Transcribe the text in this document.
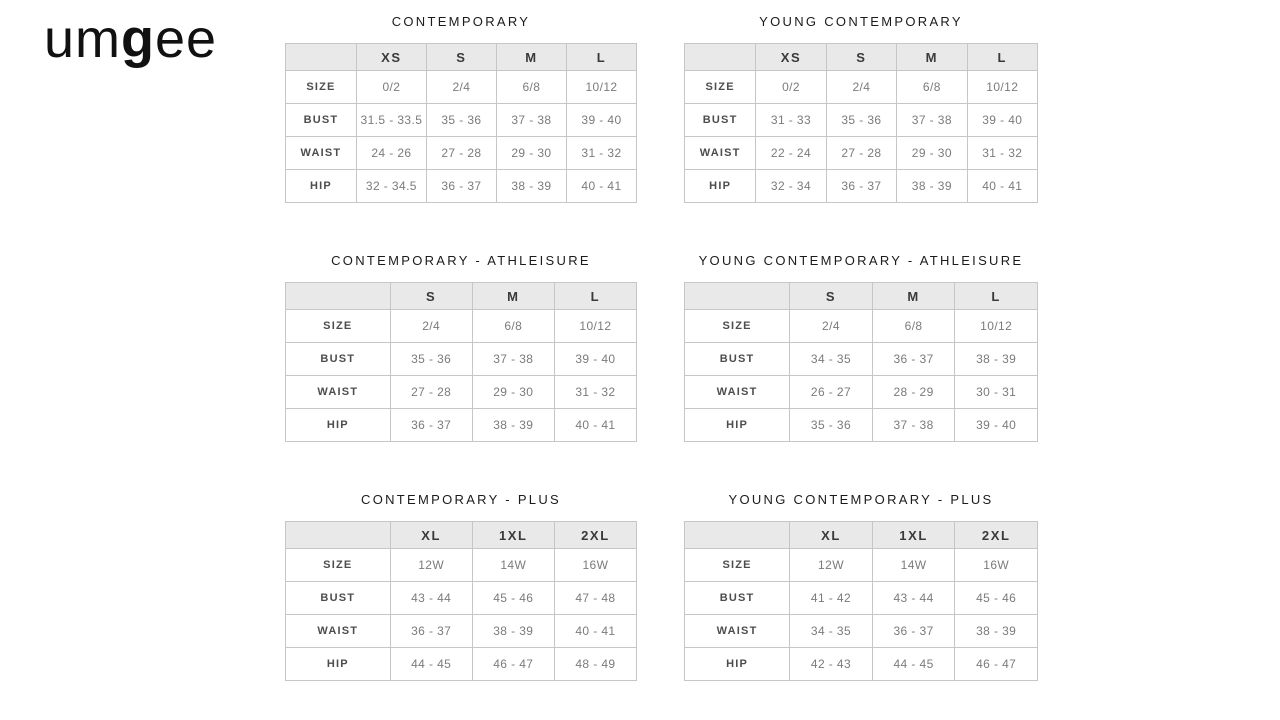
umgee	CONTEMPORARY
	XS	S	M	L
SIZE	0/2	2/4	6/8	10/12
BUST	31.5 - 33.5	35 - 36	37 - 38	39 - 40
WAIST	24 - 26	27 - 28	29 - 30	31 - 32
HIP	32 - 34.5	36 - 37	38 - 39	40 - 41
YOUNG CONTEMPORARY
	XS	S	M	L
SIZE	0/2	2/4	6/8	10/12
BUST	31 - 33	35 - 36	37 - 38	39 - 40
WAIST	22 - 24	27 - 28	29 - 30	31 - 32
HIP	32 - 34	36 - 37	38 - 39	40 - 41
CONTEMPORARY - ATHLEISURE
	S	M	L
SIZE	2/4	6/8	10/12
BUST	35 - 36	37 - 38	39 - 40
WAIST	27 - 28	29 - 30	31 - 32
HIP	36 - 37	38 - 39	40 - 41
YOUNG CONTEMPORARY - ATHLEISURE
	S	M	L
SIZE	2/4	6/8	10/12
BUST	34 - 35	36 - 37	38 - 39
WAIST	26 - 27	28 - 29	30 - 31
HIP	35 - 36	37 - 38	39 - 40
CONTEMPORARY - PLUS
	XL	1XL	2XL
SIZE	12W	14W	16W
BUST	43 - 44	45 - 46	47 - 48
WAIST	36 - 37	38 - 39	40 - 41
HIP	44 - 45	46 - 47	48 - 49
YOUNG CONTEMPORARY - PLUS
	XL	1XL	2XL
SIZE	12W	14W	16W
BUST	41 - 42	43 - 44	45 - 46
WAIST	34 - 35	36 - 37	38 - 39
HIP	42 - 43	44 - 45	46 - 47
